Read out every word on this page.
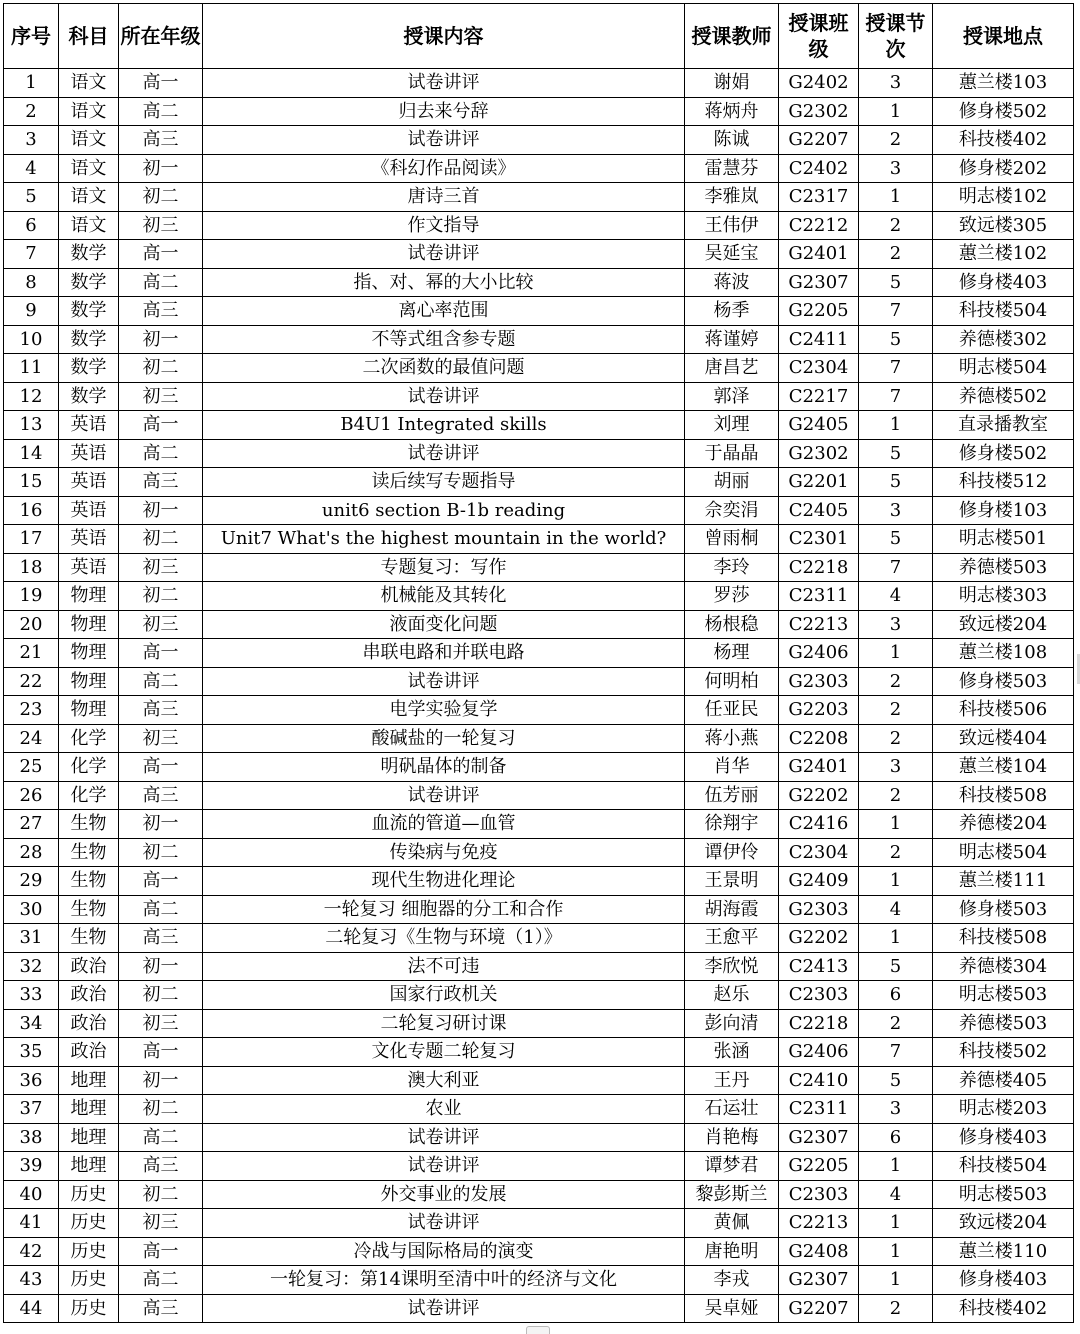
序号	科目	所在年级	授课内容	授课教师	授课班级	授课节次	授课地点
1	语文	高一	试卷讲评	谢娟	G2402	3	蕙兰楼103
2	语文	高二	归去来兮辞	蒋炳舟	G2302	1	修身楼502
3	语文	高三	试卷讲评	陈诚	G2207	2	科技楼402
4	语文	初一	《科幻作品阅读》	雷慧芬	C2402	3	修身楼202
5	语文	初二	唐诗三首	李雅岚	C2317	1	明志楼102
6	语文	初三	作文指导	王伟伊	C2212	2	致远楼305
7	数学	高一	试卷讲评	吴延宝	G2401	2	蕙兰楼102
8	数学	高二	指、对、幂的大小比较	蒋波	G2307	5	修身楼403
9	数学	高三	离心率范围	杨季	G2205	7	科技楼504
10	数学	初一	不等式组含参专题	蒋谨婷	C2411	5	养德楼302
11	数学	初二	二次函数的最值问题	唐昌艺	C2304	7	明志楼504
12	数学	初三	试卷讲评	郭泽	C2217	7	养德楼502
13	英语	高一	B4U1 Integrated skills	刘理	G2405	1	直录播教室
14	英语	高二	试卷讲评	于晶晶	G2302	5	修身楼502
15	英语	高三	读后续写专题指导	胡丽	G2201	5	科技楼512
16	英语	初一	unit6 section B-1b reading	佘奕涓	C2405	3	修身楼103
17	英语	初二	Unit7 What's the highest mountain in the world?	曾雨桐	C2301	5	明志楼501
18	英语	初三	专题复习：写作	李玲	C2218	7	养德楼503
19	物理	初二	机械能及其转化	罗莎	C2311	4	明志楼303
20	物理	初三	液面变化问题	杨根稳	C2213	3	致远楼204
21	物理	高一	串联电路和并联电路	杨理	G2406	1	蕙兰楼108
22	物理	高二	试卷讲评	何明柏	G2303	2	修身楼503
23	物理	高三	电学实验复学	任亚民	G2203	2	科技楼506
24	化学	初三	酸碱盐的一轮复习	蒋小燕	C2208	2	致远楼404
25	化学	高一	明矾晶体的制备	肖华	G2401	3	蕙兰楼104
26	化学	高三	试卷讲评	伍芳丽	G2202	2	科技楼508
27	生物	初一	血流的管道—血管	徐翔宇	C2416	1	养德楼204
28	生物	初二	传染病与免疫	谭伊伶	C2304	2	明志楼504
29	生物	高一	现代生物进化理论	王景明	G2409	1	蕙兰楼111
30	生物	高二	一轮复习 细胞器的分工和合作	胡海霞	G2303	4	修身楼503
31	生物	高三	二轮复习《生物与环境（1）》	王愈平	G2202	1	科技楼508
32	政治	初一	法不可违	李欣悦	C2413	5	养德楼304
33	政治	初二	国家行政机关	赵乐	C2303	6	明志楼503
34	政治	初三	二轮复习研讨课	彭向清	C2218	2	养德楼503
35	政治	高一	文化专题二轮复习	张涵	G2406	7	科技楼502
36	地理	初一	澳大利亚	王丹	C2410	5	养德楼405
37	地理	初二	农业	石运壮	C2311	3	明志楼203
38	地理	高二	试卷讲评	肖艳梅	G2307	6	修身楼403
39	地理	高三	试卷讲评	谭梦君	G2205	1	科技楼504
40	历史	初二	外交事业的发展	黎彭斯兰	C2303	4	明志楼503
41	历史	初三	试卷讲评	黄佩	C2213	1	致远楼204
42	历史	高一	冷战与国际格局的演变	唐艳明	G2408	1	蕙兰楼110
43	历史	高二	一轮复习：第14课明至清中叶的经济与文化	李戎	G2307	1	修身楼403
44	历史	高三	试卷讲评	吴卓娅	G2207	2	科技楼402
